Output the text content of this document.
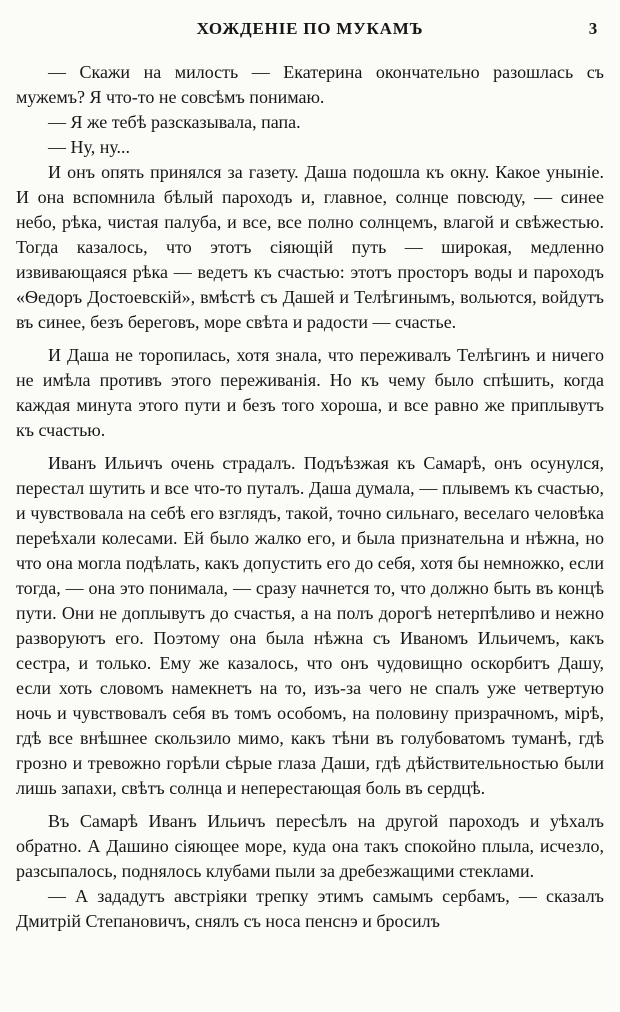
ХОЖДЕНІЕ ПО МУКАМЪ	3

— Скажи на милость — Екатерина окончательно разошлась съ мужемъ? Я что-то не совсѣмъ понимаю.

— Я же тебѣ разсказывала, папа.

— Ну, ну...

И онъ опять принялся за газету. Даша подошла къ окну. Какое уныніе. И она вспомнила бѣлый пароходъ и, главное, солнце повсюду, — синее небо, рѣка, чистая палуба, и все, все полно солнцемъ, влагой и свѣжестью. Тогда казалось, что этотъ сіяющій путь — широкая, медленно извивающаяся рѣка — ведетъ къ счастью: этотъ просторъ воды и пароходъ «Ѳедоръ Достоевскій», вмѣстѣ съ Дашей и Телѣгинымъ, вольются, войдутъ въ синее, безъ береговъ, море свѣта и радости — счастье.

И Даша не торопилась, хотя знала, что переживалъ Телѣгинъ и ничего не имѣла противъ этого переживанія. Но къ чему было спѣшить, когда каждая минута этого пути и безъ того хороша, и все равно же приплывутъ къ счастью.

Иванъ Ильичъ очень страдалъ. Подъѣзжая къ Самарѣ, онъ осунулся, перестал шутить и все что-то путалъ. Даша думала, — плывемъ къ счастью, и чувствовала на себѣ его взглядъ, такой, точно сильнаго, веселаго человѣка переѣхали колесами. Ей было жалко его, и была признательна и нѣжна, но что она могла подѣлать, какъ допустить его до себя, хотя бы немножко, если тогда, — она это понимала, — сразу начнется то, что должно быть въ концѣ пути. Они не доплывутъ до счастья, а на полъ дорогѣ нетерпѣливо и нежно разворуютъ его. Поэтому она была нѣжна съ Иваномъ Ильичемъ, какъ сестра, и только. Ему же казалось, что онъ чудовищно оскорбитъ Дашу, если хоть словомъ намекнетъ на то, изъ-за чего не спалъ уже четвертую ночь и чувствовалъ себя въ томъ особомъ, на половину призрачномъ, мірѣ, гдѣ все внѣшнее скользило мимо, какъ тѣни въ голубоватомъ туманѣ, гдѣ грозно и тревожно горѣли сѣрые глаза Даши, гдѣ дѣйствительностью были лишь запахи, свѣтъ солнца и неперестающая боль въ сердцѣ.

Въ Самарѣ Иванъ Ильичъ пересѣлъ на другой пароходъ и уѣхалъ обратно. А Дашино сіяющее море, куда она такъ спокойно плыла, исчезло, разсыпалось, поднялось клубами пыли за дребезжащими стеклами.

— А зададутъ австріяки трепку этимъ самымъ сербамъ, — сказалъ Дмитрій Степановичъ, снялъ съ носа пенснэ и бросилъ
